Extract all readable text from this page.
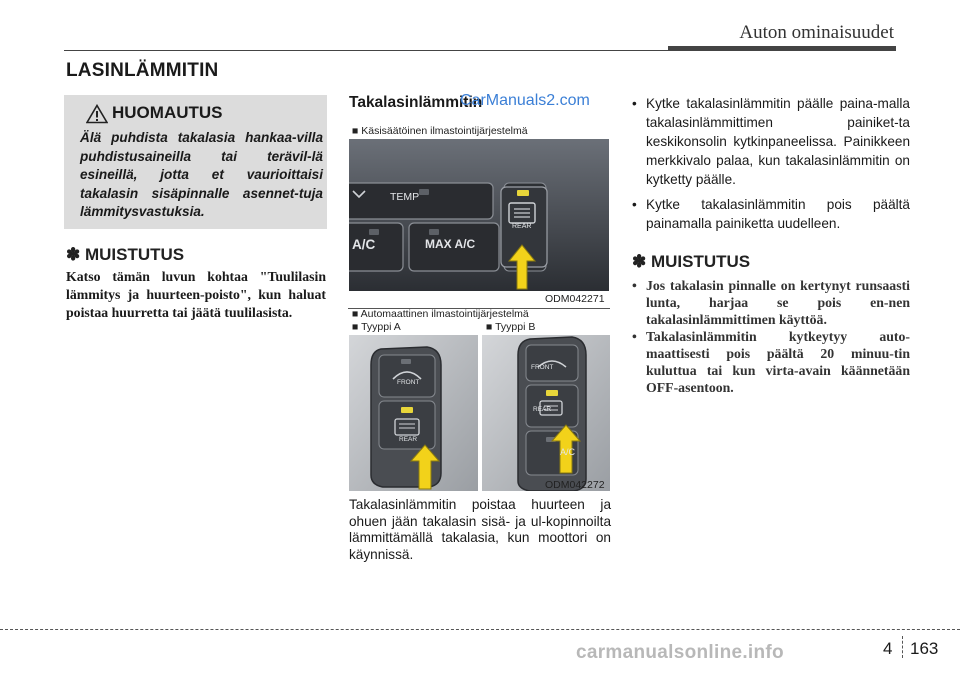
Auton ominaisuudet
LASINLÄMMITIN
HUOMAUTUS
Älä puhdista takalasia hankaa-villa puhdistusaineilla tai terävil-lä esineillä, jotta et vaurioittaisi takalasin sisäpinnalle asennet-tuja lämmitysvastuksia.
✽ MUISTUTUS
Katso tämän luvun kohtaa "Tuulilasin lämmitys ja huurteen-poisto", kun haluat poistaa huurretta tai jäätä tuulilasista.
Takalasinlämmitin
CarManuals2.com
■ Käsisäätöinen ilmastointijärjestelmä
TEMP
A/C	MAX A/C
REAR
ODM042271
■ Automaattinen ilmastointijärjestelmä
■ Tyyppi A	■ Tyyppi B
FRONT
REAR
FRONT
REAR
A/C
ODM042272
Takalasinlämmitin poistaa huurteen ja ohuen jään takalasin sisä- ja ul-kopinnoilta lämmittämällä takalasia, kun moottori on käynnissä.
• Kytke takalasinlämmitin päälle paina-malla takalasinlämmittimen painiket-ta keskikonsolin kytkinpaneelissa. Painikkeen merkkivalo palaa, kun takalasinlämmitin on kytketty päälle.
• Kytke takalasinlämmitin pois päältä painamalla painiketta uudelleen.
✽ MUISTUTUS
• Jos takalasin pinnalle on kertynyt runsaasti lunta, harjaa se pois en-nen takalasinlämmittimen käyttöä.
• Takalasinlämmitin kytkeytyy auto-maattisesti pois päältä 20 minuu-tin kuluttua tai kun virta-avain käännetään OFF-asentoon.
carmanualsonline.info	4 163
